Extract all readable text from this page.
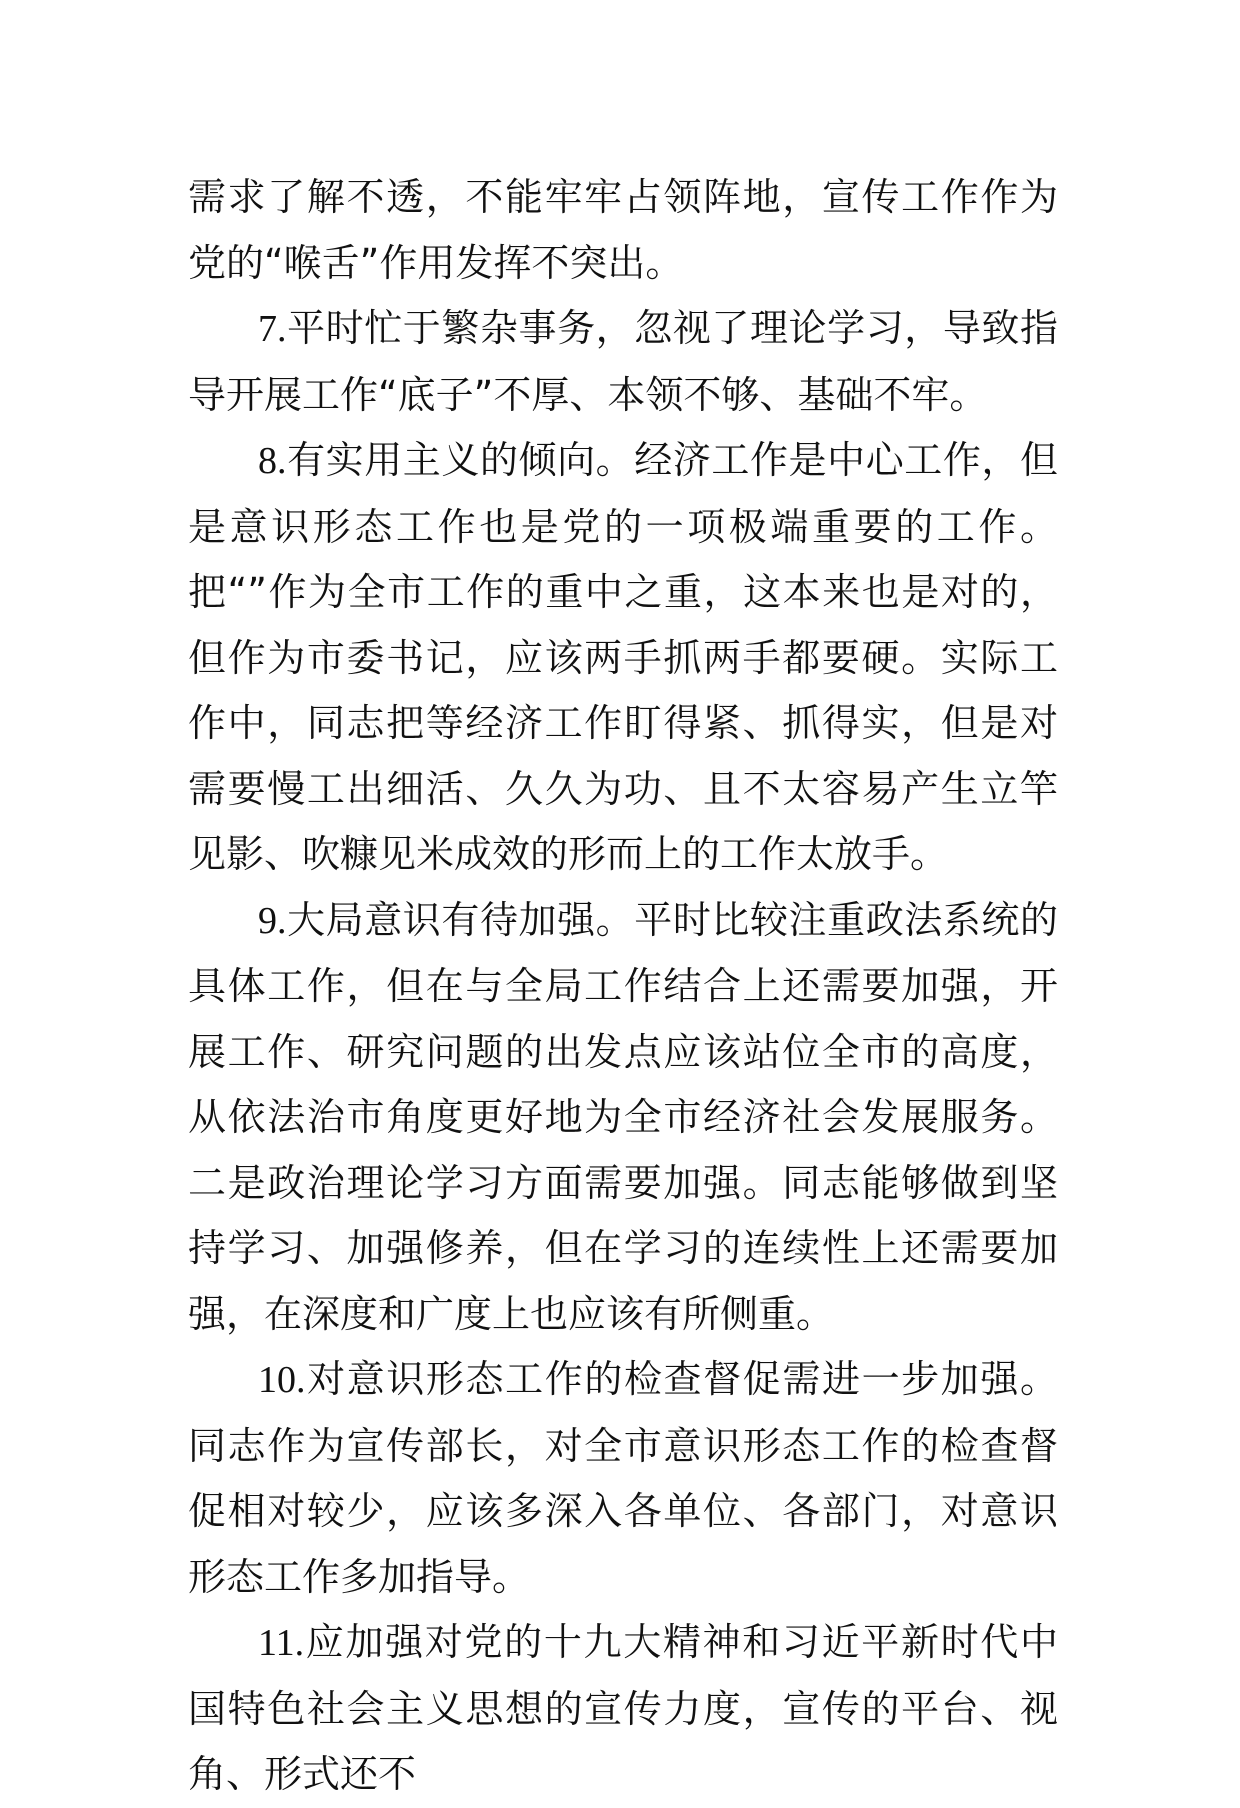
需求了解不透，不能牢牢占领阵地，宣传工作作为党的“喉舌”作用发挥不突出。

7.平时忙于繁杂事务，忽视了理论学习，导致指导开展工作“底子”不厚、本领不够、基础不牢。

8.有实用主义的倾向。经济工作是中心工作，但是意识形态工作也是党的一项极端重要的工作。把“”作为全市工作的重中之重，这本来也是对的，但作为市委书记，应该两手抓两手都要硬。实际工作中，同志把等经济工作盯得紧、抓得实，但是对需要慢工出细活、久久为功、且不太容易产生立竿见影、吹糠见米成效的形而上的工作太放手。

9.大局意识有待加强。平时比较注重政法系统的具体工作，但在与全局工作结合上还需要加强，开展工作、研究问题的出发点应该站位全市的高度，从依法治市角度更好地为全市经济社会发展服务。二是政治理论学习方面需要加强。同志能够做到坚持学习、加强修养，但在学习的连续性上还需要加强，在深度和广度上也应该有所侧重。

10.对意识形态工作的检查督促需进一步加强。同志作为宣传部长，对全市意识形态工作的检查督促相对较少，应该多深入各单位、各部门，对意识形态工作多加指导。

11.应加强对党的十九大精神和习近平新时代中国特色社会主义思想的宣传力度，宣传的平台、视角、形式还不
